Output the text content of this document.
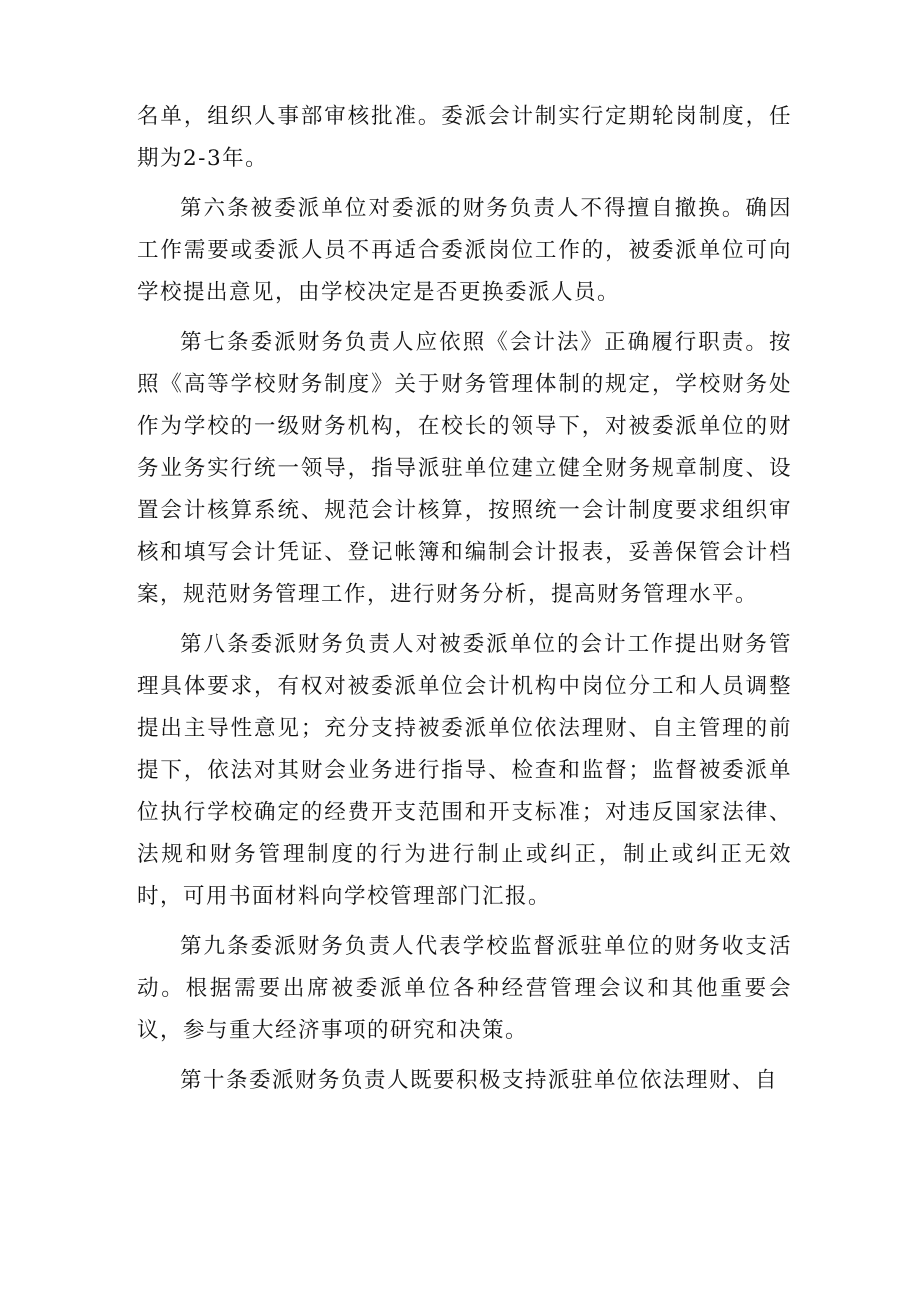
名单，组织人事部审核批准。委派会计制实行定期轮岗制度，任期为2-3年。

第六条被委派单位对委派的财务负责人不得擅自撤换。确因工作需要或委派人员不再适合委派岗位工作的，被委派单位可向学校提出意见，由学校决定是否更换委派人员。

第七条委派财务负责人应依照《会计法》正确履行职责。按照《高等学校财务制度》关于财务管理体制的规定，学校财务处作为学校的一级财务机构，在校长的领导下，对被委派单位的财务业务实行统一领导，指导派驻单位建立健全财务规章制度、设置会计核算系统、规范会计核算，按照统一会计制度要求组织审核和填写会计凭证、登记帐簿和编制会计报表，妥善保管会计档案，规范财务管理工作，进行财务分析，提高财务管理水平。

第八条委派财务负责人对被委派单位的会计工作提出财务管理具体要求，有权对被委派单位会计机构中岗位分工和人员调整提出主导性意见；充分支持被委派单位依法理财、自主管理的前提下，依法对其财会业务进行指导、检查和监督；监督被委派单位执行学校确定的经费开支范围和开支标准；对违反国家法律、法规和财务管理制度的行为进行制止或纠正，制止或纠正无效时，可用书面材料向学校管理部门汇报。

第九条委派财务负责人代表学校监督派驻单位的财务收支活动。根据需要出席被委派单位各种经营管理会议和其他重要会议，参与重大经济事项的研究和决策。

第十条委派财务负责人既要积极支持派驻单位依法理财、自
